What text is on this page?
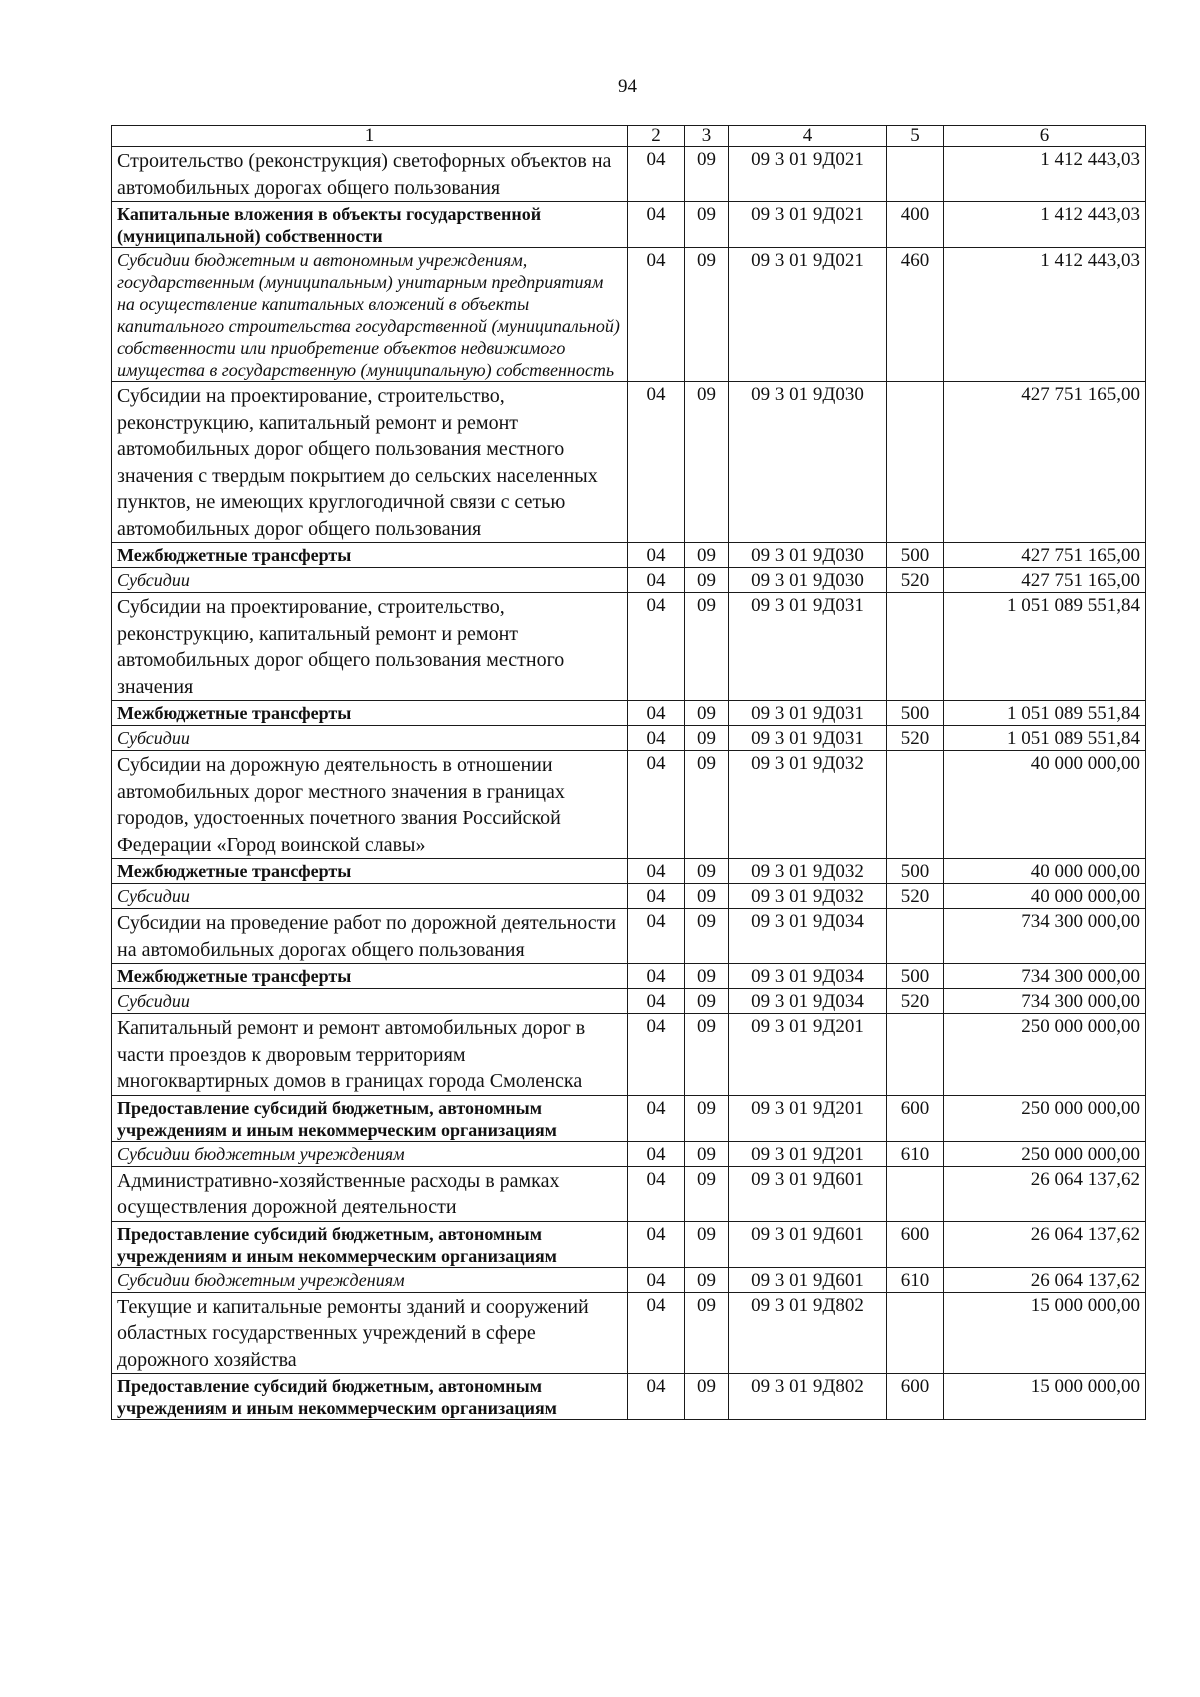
94
1	2	3	4	5	6
Строительство (реконструкция) светофорных объектов на автомобильных дорогах общего пользования	04	09	09 3 01 9Д021		1 412 443,03
Капитальные вложения в объекты государственной (муниципальной) собственности	04	09	09 3 01 9Д021	400	1 412 443,03
Субсидии бюджетным и автономным учреждениям, государственным (муниципальным) унитарным предприятиям на осуществление капитальных вложений в объекты капитального строительства государственной (муниципальной) собственности или приобретение объектов недвижимого имущества в государственную (муниципальную) собственность	04	09	09 3 01 9Д021	460	1 412 443,03
Субсидии на проектирование, строительство, реконструкцию, капитальный ремонт и ремонт автомобильных дорог общего пользования местного значения с твердым покрытием до сельских населенных пунктов, не имеющих круглогодичной связи с сетью автомобильных дорог общего пользования	04	09	09 3 01 9Д030		427 751 165,00
Межбюджетные трансферты	04	09	09 3 01 9Д030	500	427 751 165,00
Субсидии	04	09	09 3 01 9Д030	520	427 751 165,00
Субсидии на проектирование, строительство, реконструкцию, капитальный ремонт и ремонт автомобильных дорог общего пользования местного значения	04	09	09 3 01 9Д031		1 051 089 551,84
Межбюджетные трансферты	04	09	09 3 01 9Д031	500	1 051 089 551,84
Субсидии	04	09	09 3 01 9Д031	520	1 051 089 551,84
Субсидии на дорожную деятельность в отношении автомобильных дорог местного значения в границах городов, удостоенных почетного звания Российской Федерации «Город воинской славы»	04	09	09 3 01 9Д032		40 000 000,00
Межбюджетные трансферты	04	09	09 3 01 9Д032	500	40 000 000,00
Субсидии	04	09	09 3 01 9Д032	520	40 000 000,00
Субсидии на проведение работ по дорожной деятельности на автомобильных дорогах общего пользования	04	09	09 3 01 9Д034		734 300 000,00
Межбюджетные трансферты	04	09	09 3 01 9Д034	500	734 300 000,00
Субсидии	04	09	09 3 01 9Д034	520	734 300 000,00
Капитальный ремонт и ремонт автомобильных дорог в части проездов к дворовым территориям многоквартирных домов в границах города Смоленска	04	09	09 3 01 9Д201		250 000 000,00
Предоставление субсидий бюджетным, автономным учреждениям и иным некоммерческим организациям	04	09	09 3 01 9Д201	600	250 000 000,00
Субсидии бюджетным учреждениям	04	09	09 3 01 9Д201	610	250 000 000,00
Административно-хозяйственные расходы в рамках осуществления дорожной деятельности	04	09	09 3 01 9Д601		26 064 137,62
Предоставление субсидий бюджетным, автономным учреждениям и иным некоммерческим организациям	04	09	09 3 01 9Д601	600	26 064 137,62
Субсидии бюджетным учреждениям	04	09	09 3 01 9Д601	610	26 064 137,62
Текущие и капитальные ремонты зданий и сооружений областных государственных учреждений в сфере дорожного хозяйства	04	09	09 3 01 9Д802		15 000 000,00
Предоставление субсидий бюджетным, автономным учреждениям и иным некоммерческим организациям	04	09	09 3 01 9Д802	600	15 000 000,00
